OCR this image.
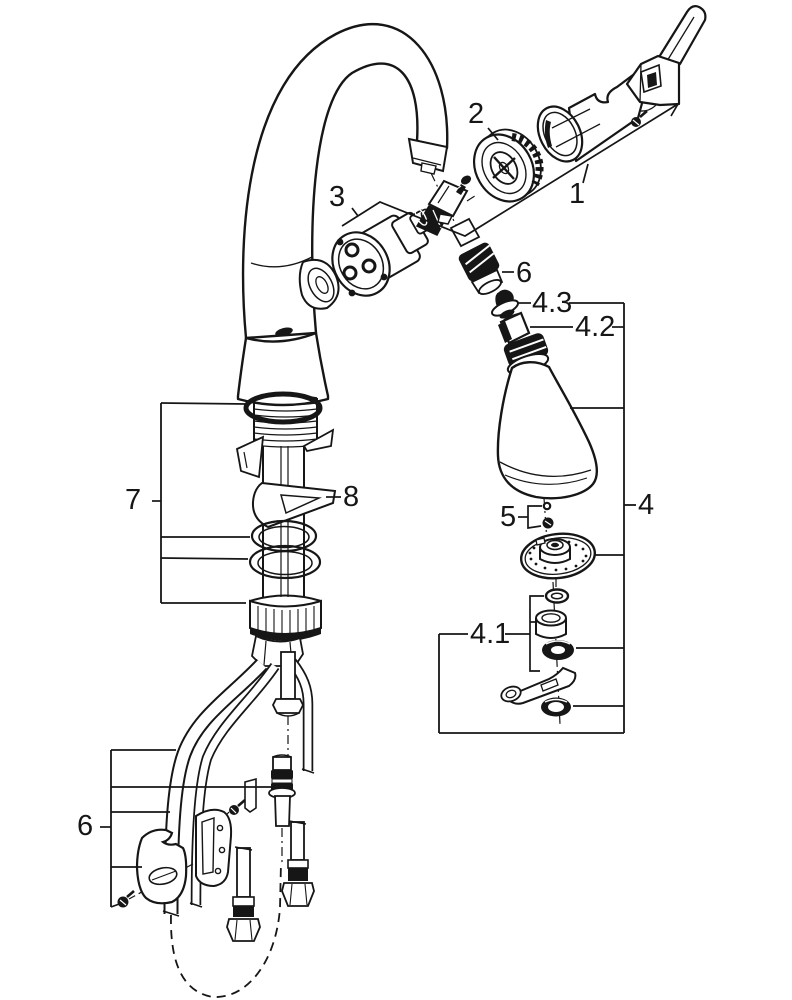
1
2
3
4
4.1
4.2
4.3
5
6
6
7	8
